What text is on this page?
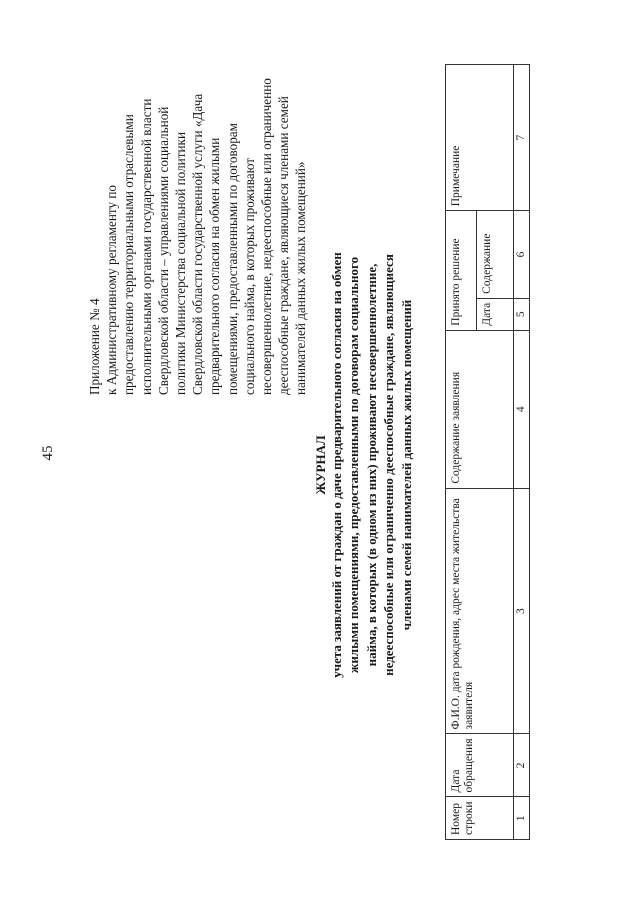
45
Приложение № 4 к Административному регламенту по предоставлению территориальными отраслевыми исполнительными органами государственной власти Свердловской области – управлениями социальной политики Министерства социальной политики Свердловской области государственной услуги «Дача предварительного согласия на обмен жилыми помещениями, предоставленными по договорам социального найма, в которых проживают несовершеннолетние, недееспособные или ограниченно дееспособные граждане, являющиеся членами семей нанимателей данных жилых помещений»
ЖУРНАЛ учета заявлений от граждан о даче предварительного согласия на обмен жилыми помещениями, предоставленными по договорам социального найма, в которых (в одном из них) проживают несовершеннолетние, недееспособные или ограниченно дееспособные граждане, являющиеся членами семей нанимателей данных жилых помещений
Номер строки	Дата обращения	Ф.И.О. дата рождения, адрес места жительства заявителя	Содержание заявления	Принято решение		Примечание
				Дата	Содержание	
1	2	3	4	5	6	7
